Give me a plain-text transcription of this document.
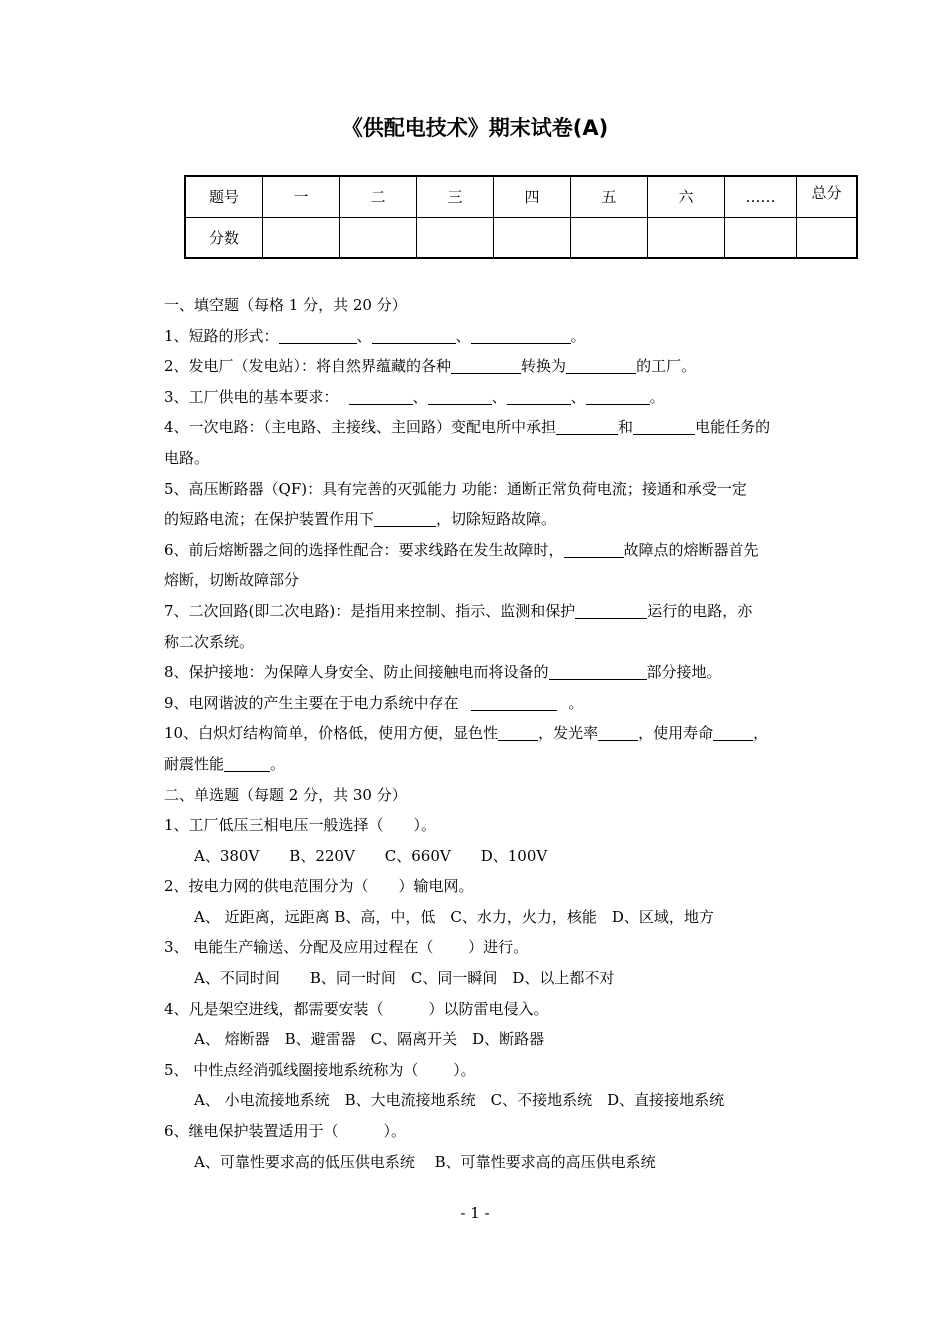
《供配电技术》期末试卷(A)
题号	一	二	三	四	五	六	……	总分
分数								
一、填空题（每格 1 分，共 20 分）
1、短路的形式：	、	、	。
2、发电厂（发电站）：将自然界蕴藏的各种	转换为	的工厂。
3、工厂供电的基本要求：	、	、	、	。
4、一次电路：（主电路、主接线、主回路）变配电所中承担	和	电能任务的
电路。
5、高压断路器（QF)：具有完善的灭弧能力 功能：通断正常负荷电流；接通和承受一定
的短路电流；在保护装置作用下	，切除短路故障。
6、前后熔断器之间的选择性配合：要求线路在发生故障时，	故障点的熔断器首先
熔断，切断故障部分
7、二次回路(即二次电路)：是指用来控制、指示、监测和保护	运行的电路，亦
称二次系统。
8、保护接地：为保障人身安全、防止间接触电而将设备的	部分接地。
9、电网谐波的产生主要在于电力系统中存在	。
10、白炽灯结构简单，价格低，使用方便，显色性	，发光率	，使用寿命	，
耐震性能	。
二、单选题（每题 2 分，共 30 分）
1、工厂低压三相电压一般选择（　　）。
A、380V　　B、220V　　C、660V　　D、100V
2、按电力网的供电范围分为（　　）输电网。
A、 近距离，远距离 B、高，中，低　C、水力，火力，核能　D、区域，地方
3、 电能生产输送、分配及应用过程在（　　 ）进行。
A、不同时间　　B、同一时间　C、同一瞬间　D、以上都不对
4、凡是架空进线，都需要安装（　　　）以防雷电侵入。
A、 熔断器　B、避雷器　C、隔离开关　D、断路器
5、 中性点经消弧线圈接地系统称为（　　 ）。
A、 小电流接地系统　B、大电流接地系统　C、不接地系统　D、直接接地系统
6、继电保护装置适用于（　　　）。
A、可靠性要求高的低压供电系统　 B、可靠性要求高的高压供电系统
- 1 -
